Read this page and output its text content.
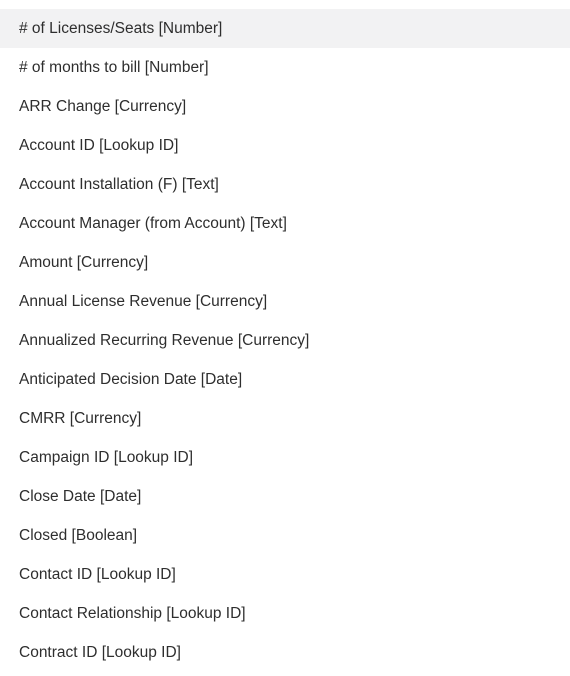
# of Licenses/Seats [Number]
# of months to bill [Number]
ARR Change [Currency]
Account ID [Lookup ID]
Account Installation (F) [Text]
Account Manager (from Account) [Text]
Amount [Currency]
Annual License Revenue [Currency]
Annualized Recurring Revenue [Currency]
Anticipated Decision Date [Date]
CMRR [Currency]
Campaign ID [Lookup ID]
Close Date [Date]
Closed [Boolean]
Contact ID [Lookup ID]
Contact Relationship [Lookup ID]
Contract ID [Lookup ID]
